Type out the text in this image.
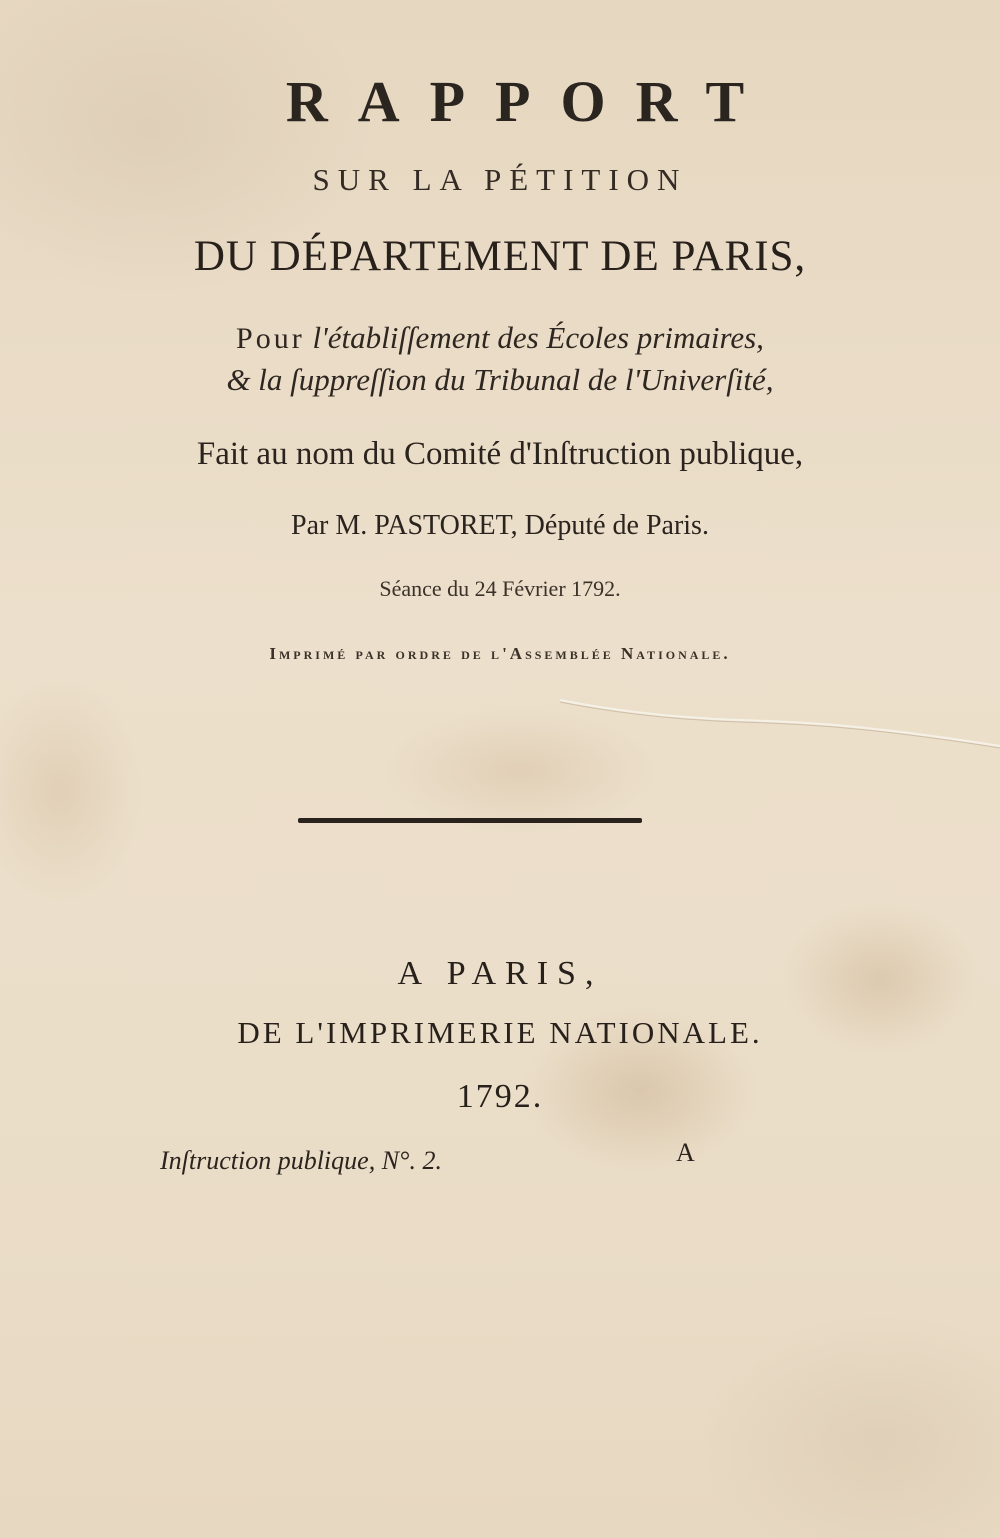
RAPPORT

SUR LA PÉTITION

DU DÉPARTEMENT DE PARIS,

Pour l'établiſſement des Écoles primaires,

& la ſuppreſſion du Tribunal de l'Univerſité,

Fait au nom du Comité d'Inſtruction publique,

Par M. PASTORET, Député de Paris.

Séance du 24 Février 1792.

Imprimé par ordre de l'Assemblée Nationale.

A PARIS,

DE L'IMPRIMERIE NATIONALE.

1792.

Inſtruction publique, N°. 2.	A
